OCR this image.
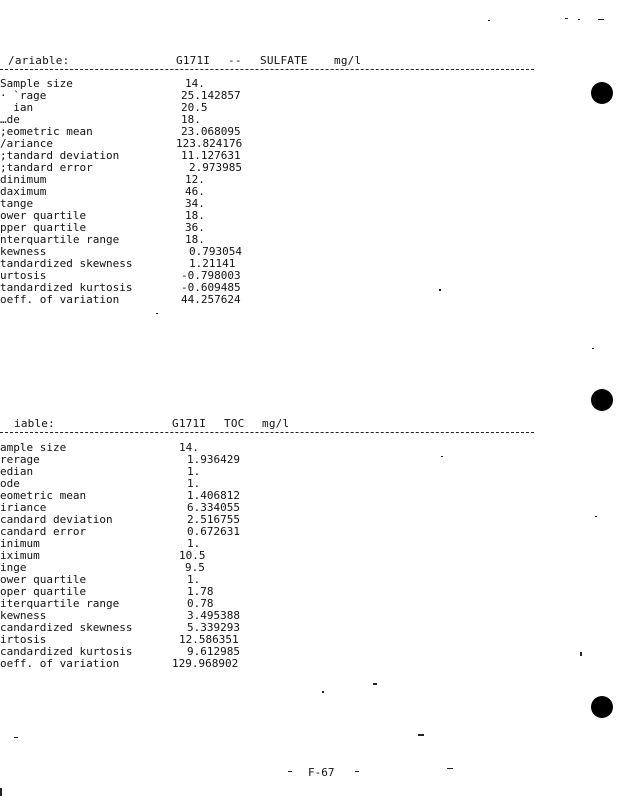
/ariable:

	G171I

--

SULFATE

mg/l

Sample size	14.
· `rage	25.142857
ian	20.5
…de	18.
;eometric mean	23.068095
/ariance	123.824176
;tandard deviation	11.127631
;tandard error	2.973985
dinimum	12.
daximum	46.
tange	34.
ower quartile	18.
pper quartile	36.
nterquartile range	18.
kewness	0.793054
tandardized skewness	1.21141
urtosis	-0.798003
tandardized kurtosis	-0.609485
oeff. of variation	44.257624

iable:

	G171I

TOC

mg/l

ample size	14.
rerage	1.936429
edian	1.
ode	1.
eometric mean	1.406812
iriance	6.334055
candard deviation	2.516755
candard error	0.672631
inimum	1.
iximum	10.5
inge	9.5
ower quartile	1.
oper quartile	1.78
iterquartile range	0.78
kewness	3.495388
candardized skewness	5.339293
irtosis	12.586351
candardized kurtosis	9.612985
oeff. of variation	129.968902
F-67
